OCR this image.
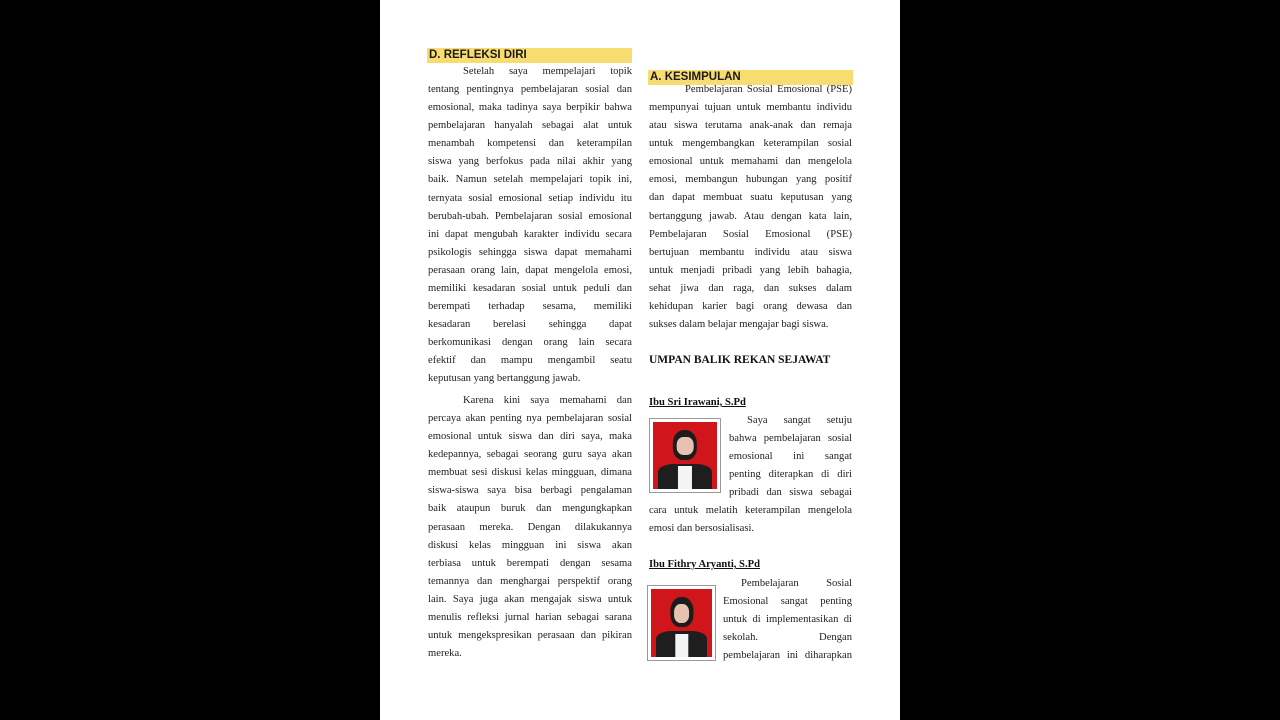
D. REFLEKSI DIRI
A. KESIMPULAN
UMPAN BALIK REKAN SEJAWAT
Ibu Sri Irawani, S.Pd
Ibu Fithry Aryanti, S.Pd
Setelah saya mempelajari topik
tentang pentingnya pembelajaran sosial dan
emosional, maka tadinya saya berpikir bahwa
pembelajaran hanyalah sebagai alat untuk
menambah kompetensi dan keterampilan
siswa yang berfokus pada nilai akhir yang
baik. Namun setelah mempelajari topik ini,
ternyata sosial emosional setiap individu itu
berubah-ubah. Pembelajaran sosial emosional
ini dapat mengubah karakter individu secara
psikologis sehingga siswa dapat memahami
perasaan orang lain, dapat mengelola emosi,
memiliki kesadaran sosial untuk peduli dan
berempati terhadap sesama, memiliki
kesadaran berelasi sehingga dapat
berkomunikasi dengan orang lain secara
efektif dan mampu mengambil seatu
keputusan yang bertanggung jawab.
Karena kini saya memahami dan
percaya akan penting nya pembelajaran sosial
emosional untuk siswa dan diri saya, maka
kedepannya, sebagai seorang guru saya akan
membuat sesi diskusi kelas mingguan, dimana
siswa-siswa saya bisa berbagi pengalaman
baik ataupun buruk dan mengungkapkan
perasaan mereka. Dengan dilakukannya
diskusi kelas mingguan ini siswa akan
terbiasa untuk berempati dengan sesama
temannya dan menghargai perspektif orang
lain. Saya juga akan mengajak siswa untuk
menulis refleksi jurnal harian sebagai sarana
untuk mengekspresikan perasaan dan pikiran
mereka.
Pembelajaran Sosial Emosional (PSE)
mempunyai tujuan untuk membantu individu
atau siswa terutama anak-anak dan remaja
untuk mengembangkan keterampilan sosial
emosional untuk memahami dan mengelola
emosi, membangun hubungan yang positif
dan dapat membuat suatu keputusan yang
bertanggung jawab. Atau dengan kata lain,
Pembelajaran Sosial Emosional (PSE)
bertujuan membantu individu atau siswa
untuk menjadi pribadi yang lebih bahagia,
sehat jiwa dan raga, dan sukses dalam
kehidupan karier bagi orang dewasa dan
sukses dalam belajar mengajar bagi siswa.
Saya sangat setuju
bahwa pembelajaran sosial
emosional ini sangat
penting diterapkan di diri
pribadi dan siswa sebagai
cara untuk melatih keterampilan mengelola
emosi dan bersosialisasi.
Pembelajaran Sosial
Emosional sangat penting
untuk di implementasikan di
sekolah. Dengan
pembelajaran ini diharapkan
